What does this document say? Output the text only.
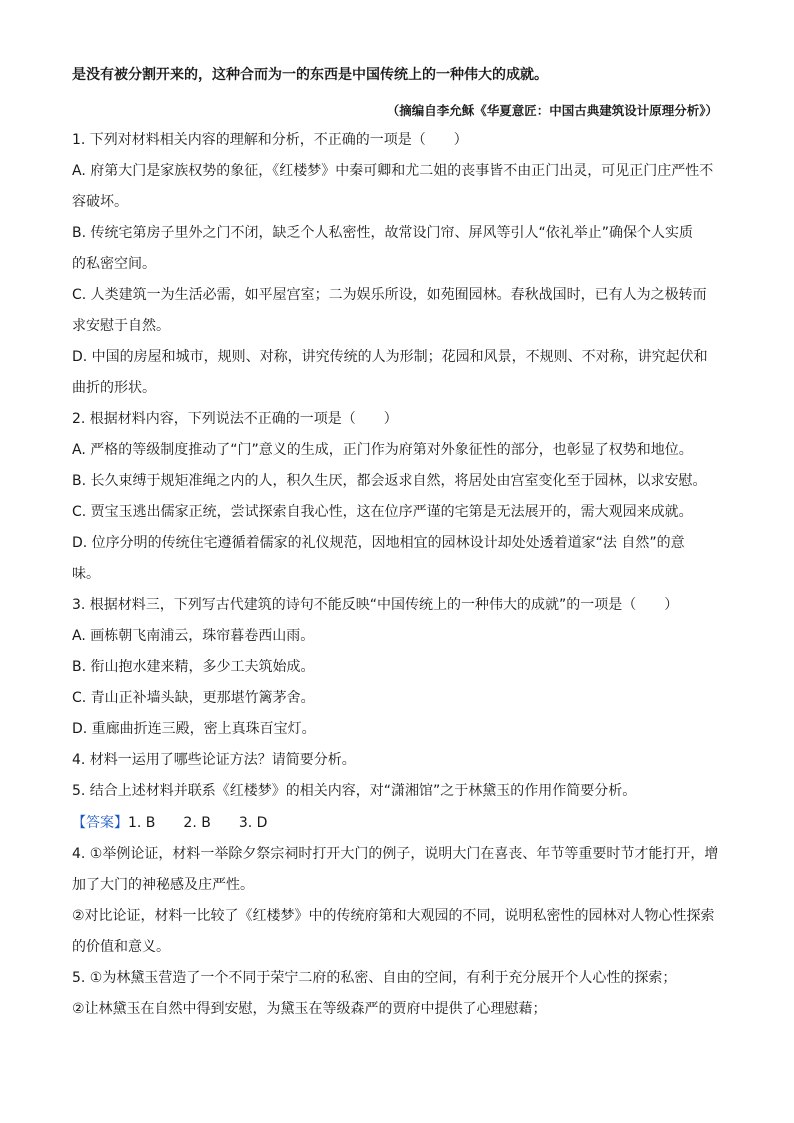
是没有被分割开来的，这种合而为一的东西是中国传统上的一种伟大的成就。
（摘编自李允稣《华夏意匠：中国古典建筑设计原理分析》）
1. 下列对材料相关内容的理解和分析，不正确的一项是（　　）
A. 府第大门是家族权势的象征，《红楼梦》中秦可卿和尤二姐的丧事皆不由正门出灵，可见正门庄严性不
容破坏。
B. 传统宅第房子里外之门不闭，缺乏个人私密性，故常设门帘、屏风等引人“依礼举止”确保个人实质
的私密空间。
C. 人类建筑一为生活必需，如平屋宫室；二为娱乐所设，如苑囿园林。春秋战国时，已有人为之极转而
求安慰于自然。
D. 中国的房屋和城市，规则、对称，讲究传统的人为形制；花园和风景，不规则、不对称，讲究起伏和
曲折的形状。
2. 根据材料内容，下列说法不正确的一项是（　　）
A. 严格的等级制度推动了“门”意义的生成，正门作为府第对外象征性的部分，也彰显了权势和地位。
B. 长久束缚于规矩准绳之内的人，积久生厌，都会返求自然，将居处由宫室变化至于园林，以求安慰。
C. 贾宝玉逃出儒家正统，尝试探索自我心性，这在位序严谨的宅第是无法展开的，需大观园来成就。
D. 位序分明的传统住宅遵循着儒家的礼仪规范，因地相宜的园林设计却处处透着道家“法 自然”的意
味。
3. 根据材料三，下列写古代建筑的诗句不能反映“中国传统上的一种伟大的成就”的一项是（　　）
A. 画栋朝飞南浦云，珠帘暮卷西山雨。
B. 衔山抱水建来精，多少工夫筑始成。
C. 青山正补墙头缺，更那堪竹篱茅舍。
D. 重廊曲折连三殿，密上真珠百宝灯。
4. 材料一运用了哪些论证方法？请简要分析。
5. 结合上述材料并联系《红楼梦》的相关内容，对“潇湘馆”之于林黛玉的作用作简要分析。
【答案】1. B　　2. B　　3. D
4. ①举例论证，材料一举除夕祭宗祠时打开大门的例子，说明大门在喜丧、年节等重要时节才能打开，增
加了大门的神秘感及庄严性。
②对比论证，材料一比较了《红楼梦》中的传统府第和大观园的不同，说明私密性的园林对人物心性探索
的价值和意义。
5. ①为林黛玉营造了一个不同于荣宁二府的私密、自由的空间，有利于充分展开个人心性的探索；
②让林黛玉在自然中得到安慰，为黛玉在等级森严的贾府中提供了心理慰藉；
